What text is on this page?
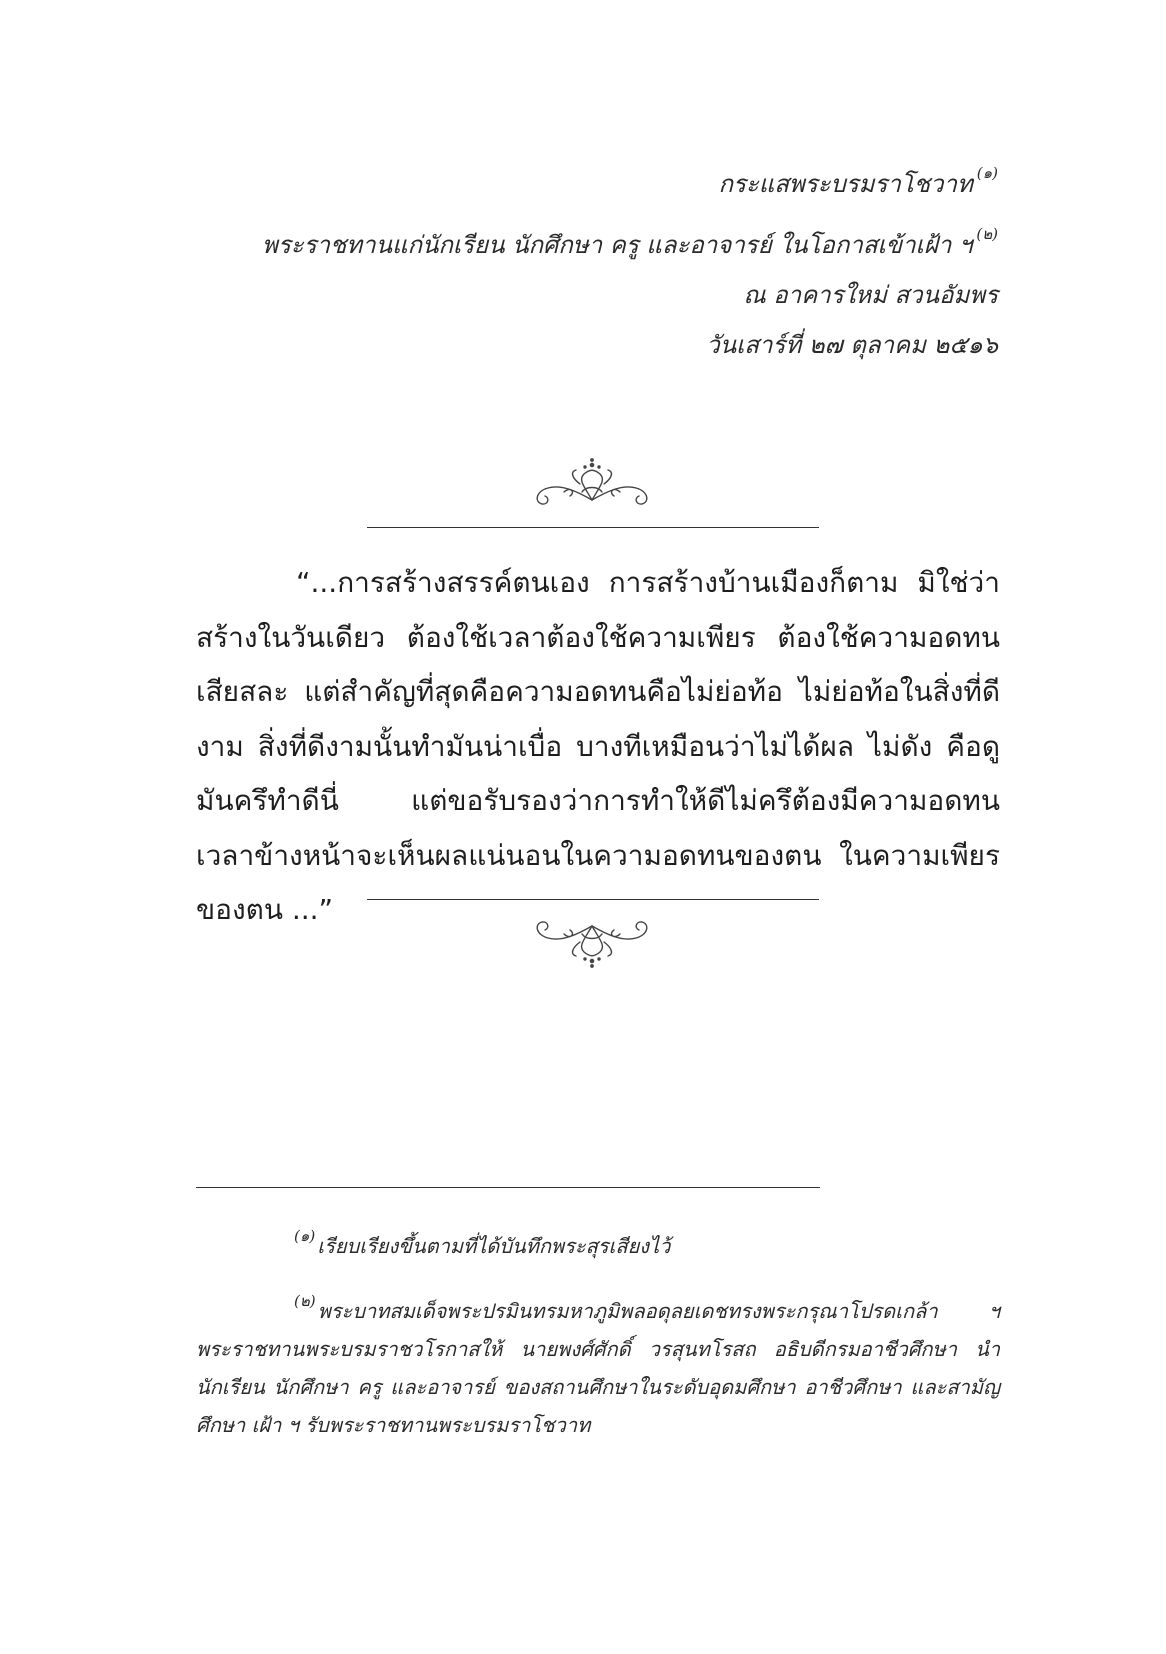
กระแสพระบรมราโชวาท $^{(๑)}$
พระราชทานแก่นักเรียน นักศึกษา ครู และอาจารย์ ในโอกาสเข้าเฝ้า ฯ $^{(๒)}$
ณ อาคารใหม่ สวนอัมพร
วันเสาร์ที่ ๒๗ ตุลาคม ๒๕๑๖
“...การสร้างสรรค์ตนเอง การสร้างบ้านเมืองก็ตาม มิใช่ว่าสร้างในวันเดียว ต้องใช้เวลาต้องใช้ความเพียร ต้องใช้ความอดทนเสียสละ แต่สำคัญที่สุดคือความอดทนคือไม่ย่อท้อ ไม่ย่อท้อในสิ่งที่ดีงาม สิ่งที่ดีงามนั้นทำมันน่าเบื่อ บางทีเหมือนว่าไม่ได้ผล ไม่ดัง คือดูมันครึทำดีนี่ แต่ขอรับรองว่าการทำให้ดีไม่ครึต้องมีความอดทน เวลาข้างหน้าจะเห็นผลแน่นอนในความอดทนของตน ในความเพียรของตน ...”
$^{(๑)}$ เรียบเรียงขึ้นตามที่ได้บันทึกพระสุรเสียงไว้
$^{(๒)}$ พระบาทสมเด็จพระปรมินทรมหาภูมิพลอดุลยเดชทรงพระกรุณาโปรดเกล้า ฯ พระราชทานพระบรมราชวโรกาสให้ นายพงศ์ศักดิ์ วรสุนทโรสถ อธิบดีกรมอาชีวศึกษา นำนักเรียน นักศึกษา ครู และอาจารย์ ของสถานศึกษาในระดับอุดมศึกษา อาชีวศึกษา และสามัญศึกษา เฝ้า ฯ รับพระราชทานพระบรมราโชวาท
